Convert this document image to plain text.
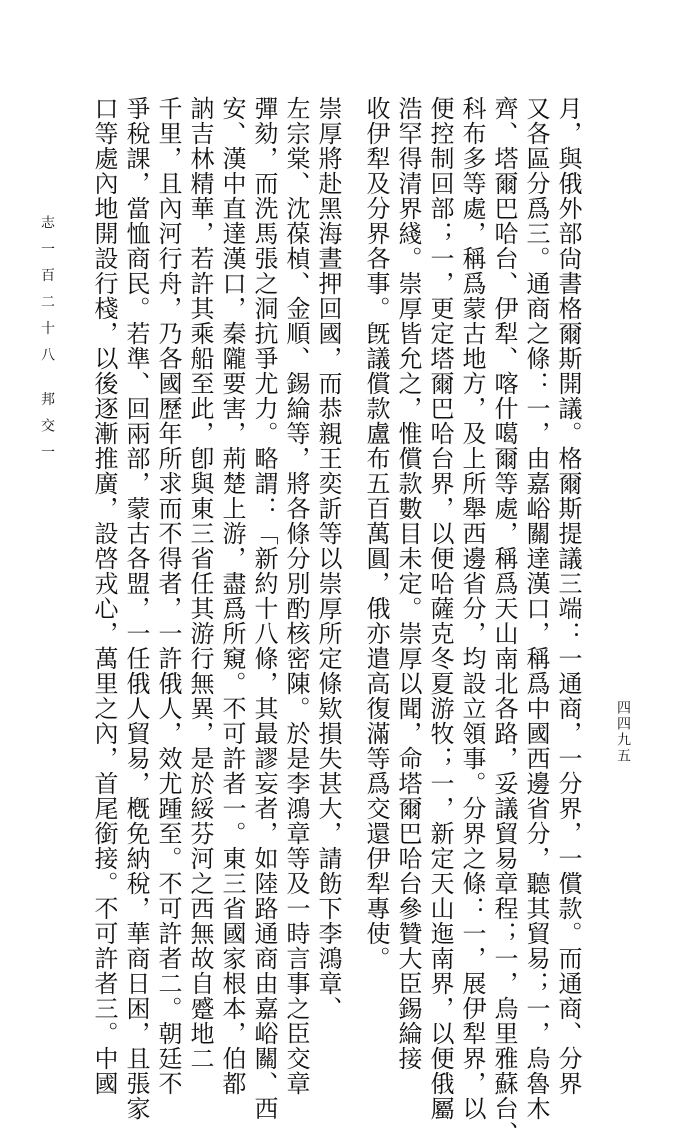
月，與俄外部尙書格爾斯開議。格爾斯提議三端：一通商，一分界，一償款。而通商、分界
又各區分爲三。通商之條：一，由嘉峪關達漢口，稱爲中國西邊省分，聽其貿易；一，烏魯木
齊、塔爾巴哈台、伊犁、喀什噶爾等處，稱爲天山南北各路，妥議貿易章程；一，烏里雅蘇台、
科布多等處，稱爲蒙古地方，及上所舉西邊省分，均設立領事。分界之條：一，展伊犁界，以
便控制回部；一，更定塔爾巴哈台界，以便哈薩克冬夏游牧；一，新定天山迤南界，以便俄屬
浩罕得清界綫。崇厚皆允之，惟償款數目未定。崇厚以聞，命塔爾巴哈台參贊大臣錫綸接
收伊犁及分界各事。旣議償款盧布五百萬圓，俄亦遣高復滿等爲交還伊犁專使。
崇厚將赴黑海晝押回國，而恭親王奕訢等以崇厚所定條欵損失甚大，請飭下李鴻章、
左宗棠、沈葆楨、金順、錫綸等，將各條分別酌核密陳。於是李鴻章等及一時言事之臣交章
彈劾，而洗馬張之洞抗爭尤力。略謂：「新約十八條，其最謬妄者，如陸路通商由嘉峪關、西
安、漢中直達漢口，秦隴要害，荊楚上游，盡爲所窺。不可許者一。東三省國家根本，伯都
訥吉林精華，若許其乘船至此，卽與東三省任其游行無異，是於綏芬河之西無故自蹙地二
千里，且內河行舟，乃各國歷年所求而不得者，一許俄人，效尤踵至。不可許者二。朝廷不
爭稅課，當恤商民。若準、回兩部，蒙古各盟，一任俄人貿易，槪免納稅，華商日困，且張家
口等處內地開設行棧，以後逐漸推廣，設啓戎心，萬里之內，首尾銜接。不可許者三。中國
志 一 百 二 十 八　 邦 交 一
四四九五
